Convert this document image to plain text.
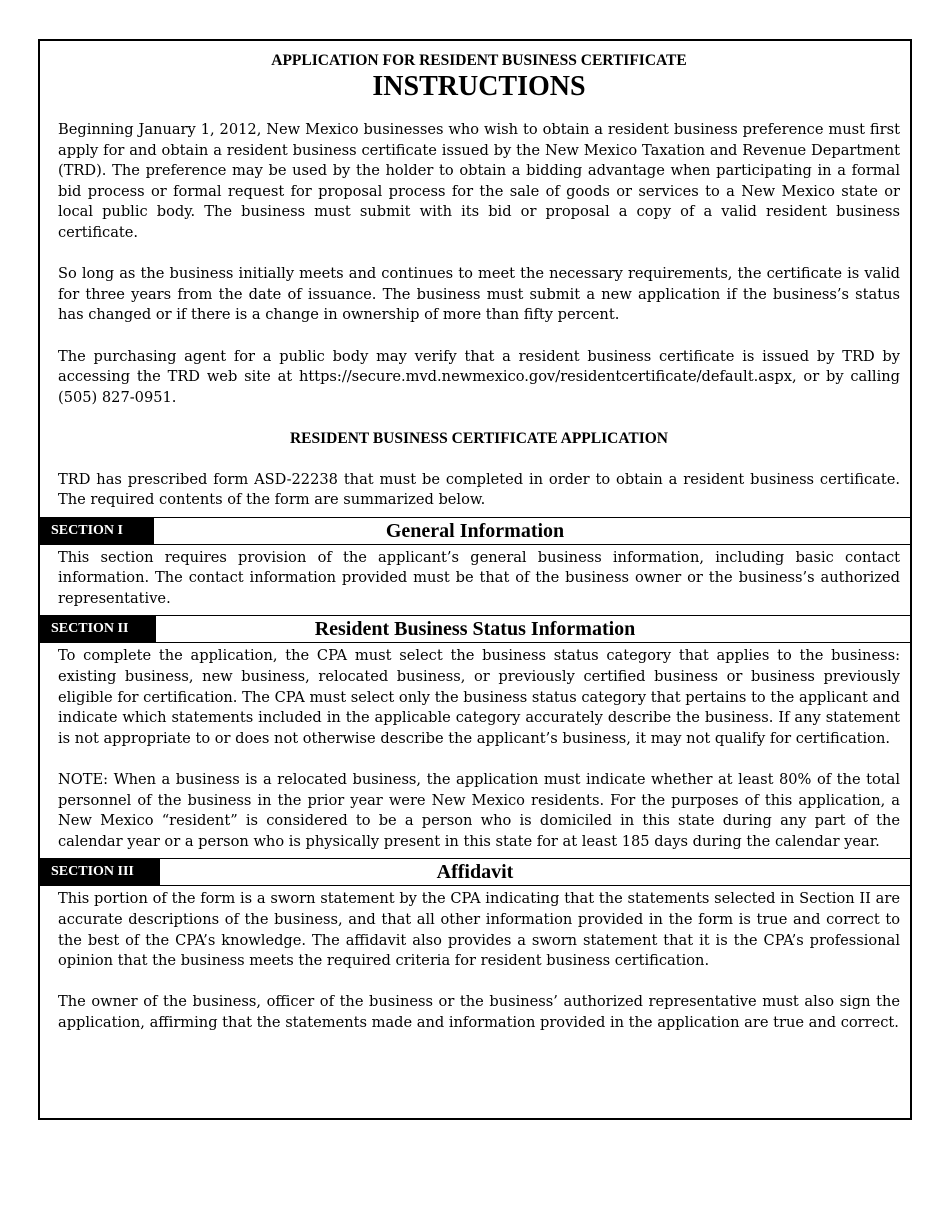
APPLICATION FOR RESIDENT BUSINESS CERTIFICATE
INSTRUCTIONS

Beginning January 1, 2012, New Mexico businesses who wish to obtain a resident business preference must first apply for and obtain a resident business certificate issued by the New Mexico Taxation and Revenue Department (TRD). The preference may be used by the holder to obtain a bidding advantage when participating in a formal bid process or formal request for proposal process for the sale of goods or services to a New Mexico state or local public body. The business must submit with its bid or proposal a copy of a valid resident business certificate.

So long as the business initially meets and continues to meet the necessary requirements, the certificate is valid for three years from the date of issuance. The business must submit a new application if the business’s status has changed or if there is a change in ownership of more than fifty percent.

The purchasing agent for a public body may verify that a resident business certificate is issued by TRD by accessing the TRD web site at https://secure.mvd.newmexico.gov/residentcertificate/default.aspx, or by calling (505) 827-0951.

RESIDENT BUSINESS CERTIFICATE APPLICATION

TRD has prescribed form ASD-22238 that must be completed in order to obtain a resident business certificate. The required contents of the form are summarized below.

SECTION I	General Information

This section requires provision of the applicant’s general business information, including basic contact information. The contact information provided must be that of the business owner or the business’s authorized representative.

SECTION II	Resident Business Status Information

To complete the application, the CPA must select the business status category that applies to the business: existing business, new business, relocated business, or previously certified business or business previously eligible for certification. The CPA must select only the business status category that pertains to the applicant and indicate which statements included in the applicable category accurately describe the business. If any statement is not appropriate to or does not otherwise describe the applicant’s business, it may not qualify for certification.

NOTE: When a business is a relocated business, the application must indicate whether at least 80% of the total personnel of the business in the prior year were New Mexico residents. For the purposes of this application, a New Mexico “resident” is considered to be a person who is domiciled in this state during any part of the calendar year or a person who is physically present in this state for at least 185 days during the calendar year.

SECTION III	Affidavit

This portion of the form is a sworn statement by the CPA indicating that the statements selected in Section II are accurate descriptions of the business, and that all other information provided in the form is true and correct to the best of the CPA’s knowledge. The affidavit also provides a sworn statement that it is the CPA’s professional opinion that the business meets the required criteria for resident business certification.

The owner of the business, officer of the business or the business’ authorized representative must also sign the application, affirming that the statements made and information provided in the application are true and correct.
